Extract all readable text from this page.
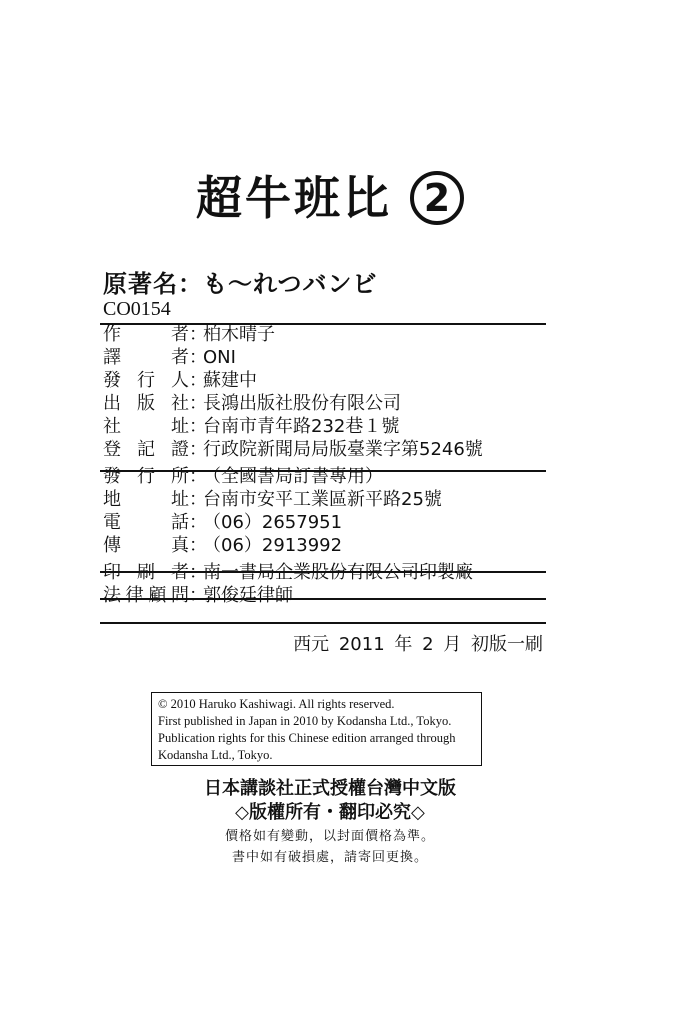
超牛班比 2
原著名：も～れつバンビ
CO0154
作者 ：
柏木晴子
譯者 ：
ONI
發行人 ：
蘇建中
出版社 ：
長鴻出版社股份有限公司
社址 ：
台南市青年路232巷１號
登記證 ：
行政院新聞局局版臺業字第5246號
發行所 ：
（全國書局訂書專用）
地址 ：
台南市安平工業區新平路25號
電話 ：
（06）2657951
傳真 ：
（06）2913992
印刷者 ：
南一書局企業股份有限公司印製廠
法律顧問 ：
郭俊廷律師
西元 2011 年 2 月 初版一刷
© 2010 Haruko Kashiwagi. All rights reserved.
First published in Japan in 2010 by Kodansha Ltd., Tokyo.
Publication rights for this Chinese edition arranged through
Kodansha Ltd., Tokyo.
日本講談社正式授權台灣中文版
◇版權所有・翻印必究◇
價格如有變動，以封面價格為準。
書中如有破損處，請寄回更換。
